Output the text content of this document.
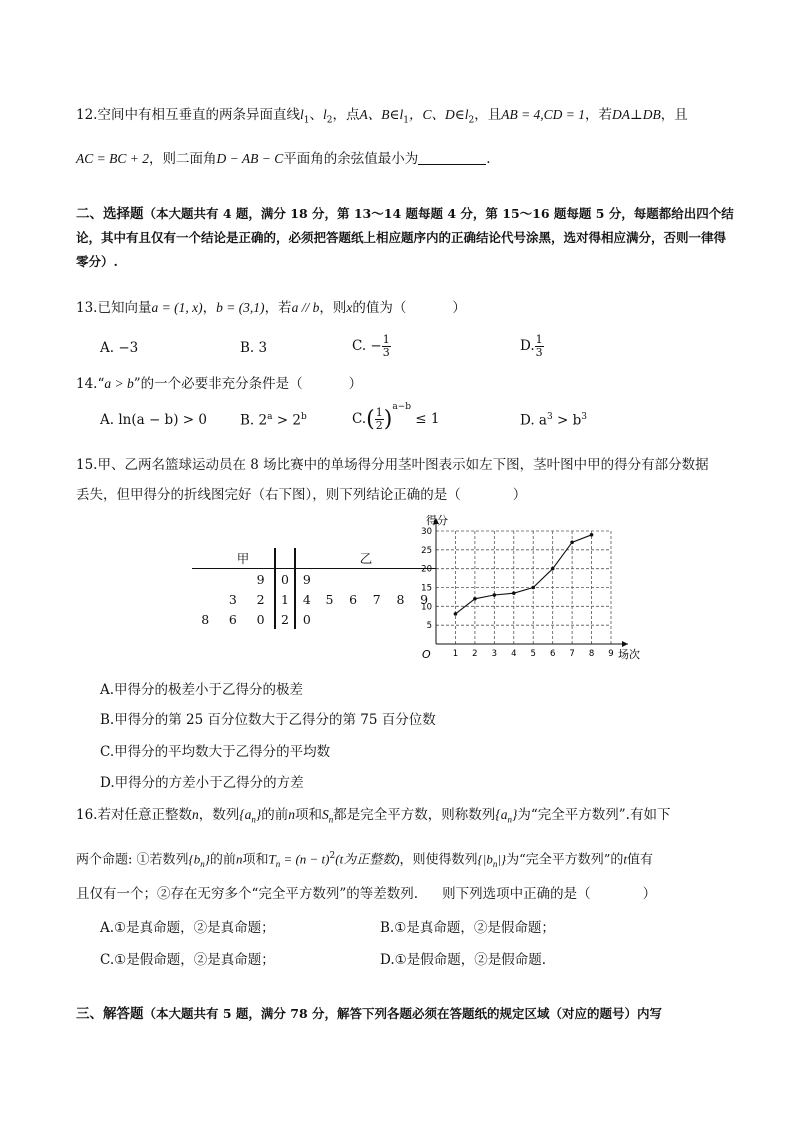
12.空间中有相互垂直的两条异面直线$l_1$、$l_2$，点A、$B\in l_1$，C、$D\in l_2$，且AB = 4,CD = 1，若DA⊥DB，且
AC = BC + 2，则二面角D − AB − C平面角的余弦值最小为	.
二、选择题（本大题共有 4 题，满分 18 分，第 13～14 题每题 4 分，第 15～16 题每题 5 分，每题都给出四个结论，其中有且仅有一个结论是正确的，必须把答题纸上相应题序内的正确结论代号涂黑，选对得相应满分，否则一律得零分）.
13.已知向量a = (1, x)，b = (3,1)，若a // b，则x的值为（	）
A. −3	B. 3	C. − $\frac{1}{3}$	D. $\frac{1}{3}$
14.“a > b”的一个必要非充分条件是（	）
A. ln(a − b) > 0 B. $2^a > 2^b$	$C.( \frac{1}{2} )^{a-b} \le 1$	D. $a^3 > b^3$
15.甲、乙两名篮球运动员在 8 场比赛中的单场得分用茎叶图表示如左下图，茎叶图中甲的得分有部分数据
丢失，但甲得分的折线图完好（右下图），则下列结论正确的是（	）
甲				乙					
		9	0	9					
	3	2	1	4	5	6	7	8	9
8	6	0	2	0					
1 2 3 4 5 6 7 8 9
5
10
15
20
25
30
得分
场次
O
A.甲得分的极差小于乙得分的极差
B.甲得分的第 25 百分位数大于乙得分的第 75 百分位数
C.甲得分的平均数大于乙得分的平均数
D.甲得分的方差小于乙得分的方差
16.若对任意正整数n，数列$\{a_n\}$的前n项和$S_n$都是完全平方数，则称数列$\{a_n\}$为“完全平方数列”.有如下
两个命题: ①若数列$\{b_n\}$的前n项和$T_n = (n - t)^2(t$为正整数)，则使得数列$\{|b_n|\}$为“完全平方数列”的t值有
且仅有一个；②存在无穷多个“完全平方数列”的等差数列. 则下列选项中正确的是（	）
A.①是真命题，②是真命题；	B.①是真命题，②是假命题；
C.①是假命题，②是真命题；	D.①是假命题，②是假命题.
三、解答题（本大题共有 5 题，满分 78 分，解答下列各题必须在答题纸的规定区域（对应的题号）内写
